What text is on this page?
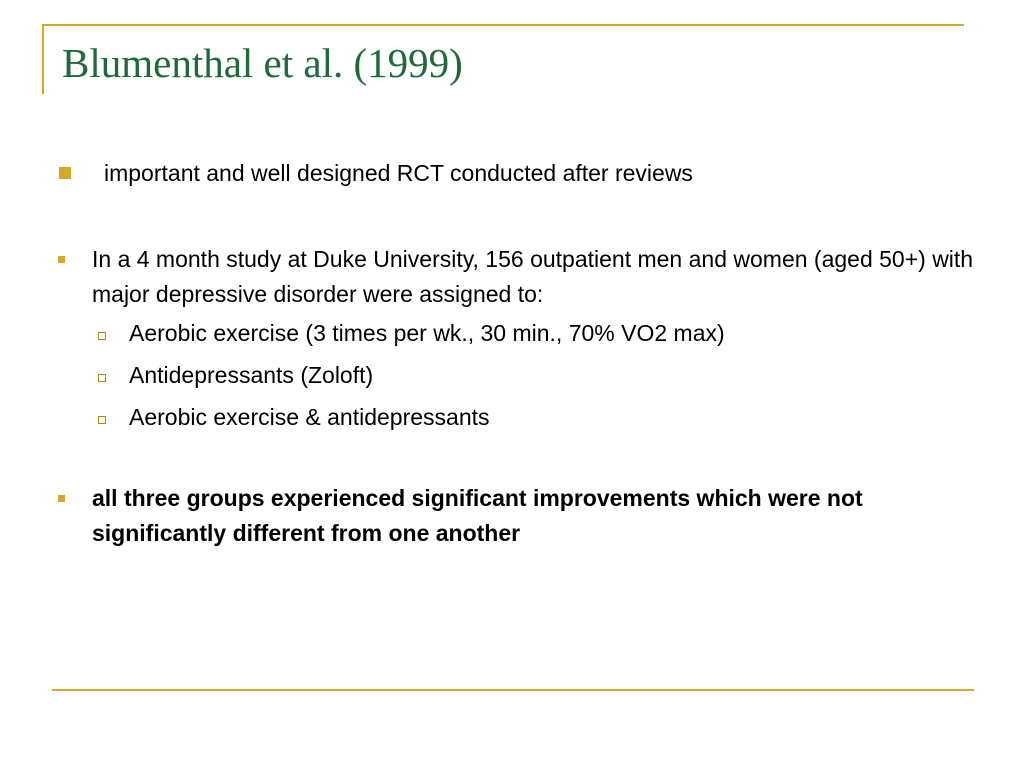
Blumenthal et al. (1999)
important and well designed RCT conducted after reviews
In a 4 month study at Duke University, 156 outpatient men and women (aged 50+) with major depressive disorder were assigned to:
Aerobic exercise (3 times per wk., 30 min., 70% VO2 max)
Antidepressants (Zoloft)
Aerobic exercise & antidepressants
all three groups experienced significant improvements which were not significantly different from one another
